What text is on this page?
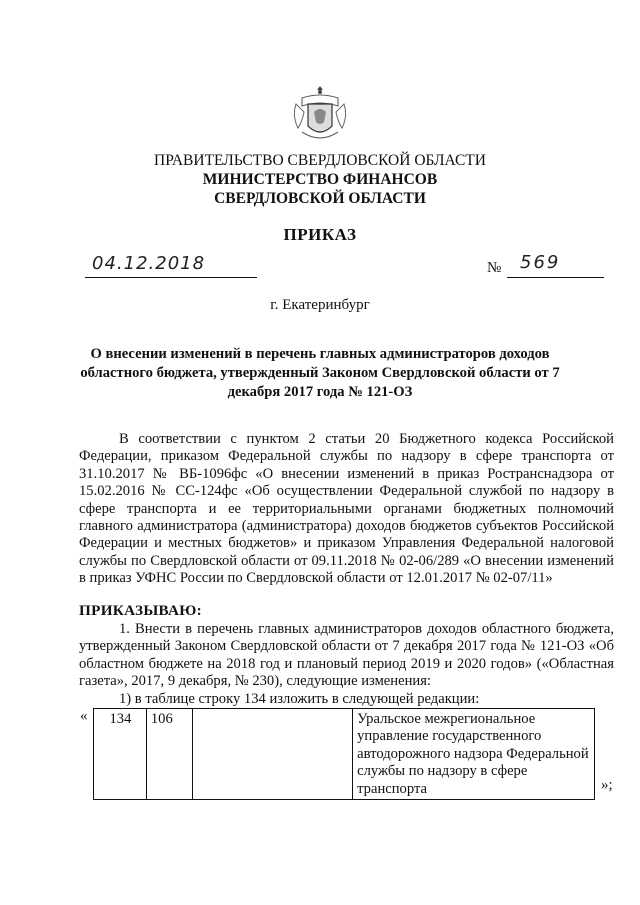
ПРАВИТЕЛЬСТВО СВЕРДЛОВСКОЙ ОБЛАСТИ
МИНИСТЕРСТВО ФИНАНСОВ
СВЕРДЛОВСКОЙ ОБЛАСТИ
ПРИКАЗ
04.12.2018	№ 569
г. Екатеринбург
О внесении изменений в перечень главных администраторов доходов областного бюджета, утвержденный Законом Свердловской области от 7 декабря 2017 года № 121-ОЗ
В соответствии с пунктом 2 статьи 20 Бюджетного кодекса Российской Федерации, приказом Федеральной службы по надзору в сфере транспорта от 31.10.2017 № ВБ-1096фс «О внесении изменений в приказ Ространснадзора от 15.02.2016 № СС-124фс «Об осуществлении Федеральной службой по надзору в сфере транспорта и ее территориальными органами бюджетных полномочий главного администратора (администратора) доходов бюджетов субъектов Российской Федерации и местных бюджетов» и приказом Управления Федеральной налоговой службы по Свердловской области от 09.11.2018 № 02-06/289 «О внесении изменений в приказ УФНС России по Свердловской области от 12.01.2017 № 02-07/11»
ПРИКАЗЫВАЮ:
1. Внести в перечень главных администраторов доходов областного бюджета, утвержденный Законом Свердловской области от 7 декабря 2017 года № 121-ОЗ «Об областном бюджете на 2018 год и плановый период 2019 и 2020 годов» («Областная газета», 2017, 9 декабря, № 230), следующие изменения:
1) в таблице строку 134 изложить в следующей редакции:
« 134	106		Уральское межрегиональное управление государственного автодорожного надзора Федеральной службы по надзору в сфере транспорта	»;
